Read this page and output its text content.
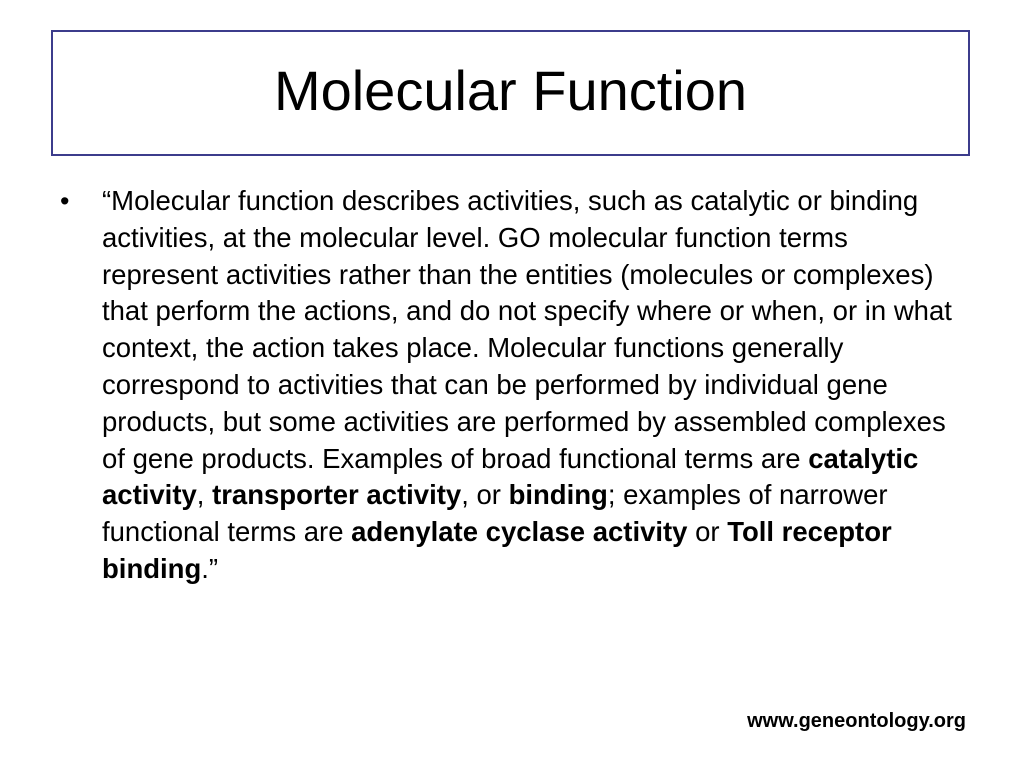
Molecular Function
•	“Molecular function describes activities, such as catalytic or binding activities, at the molecular level. GO molecular function terms represent activities rather than the entities (molecules or complexes) that perform the actions, and do not specify where or when, or in what context, the action takes place. Molecular functions generally correspond to activities that can be performed by individual gene products, but some activities are performed by assembled complexes of gene products. Examples of broad functional terms are catalytic activity, transporter activity, or binding; examples of narrower functional terms are adenylate cyclase activity or Toll receptor binding.”
www.geneontology.org
